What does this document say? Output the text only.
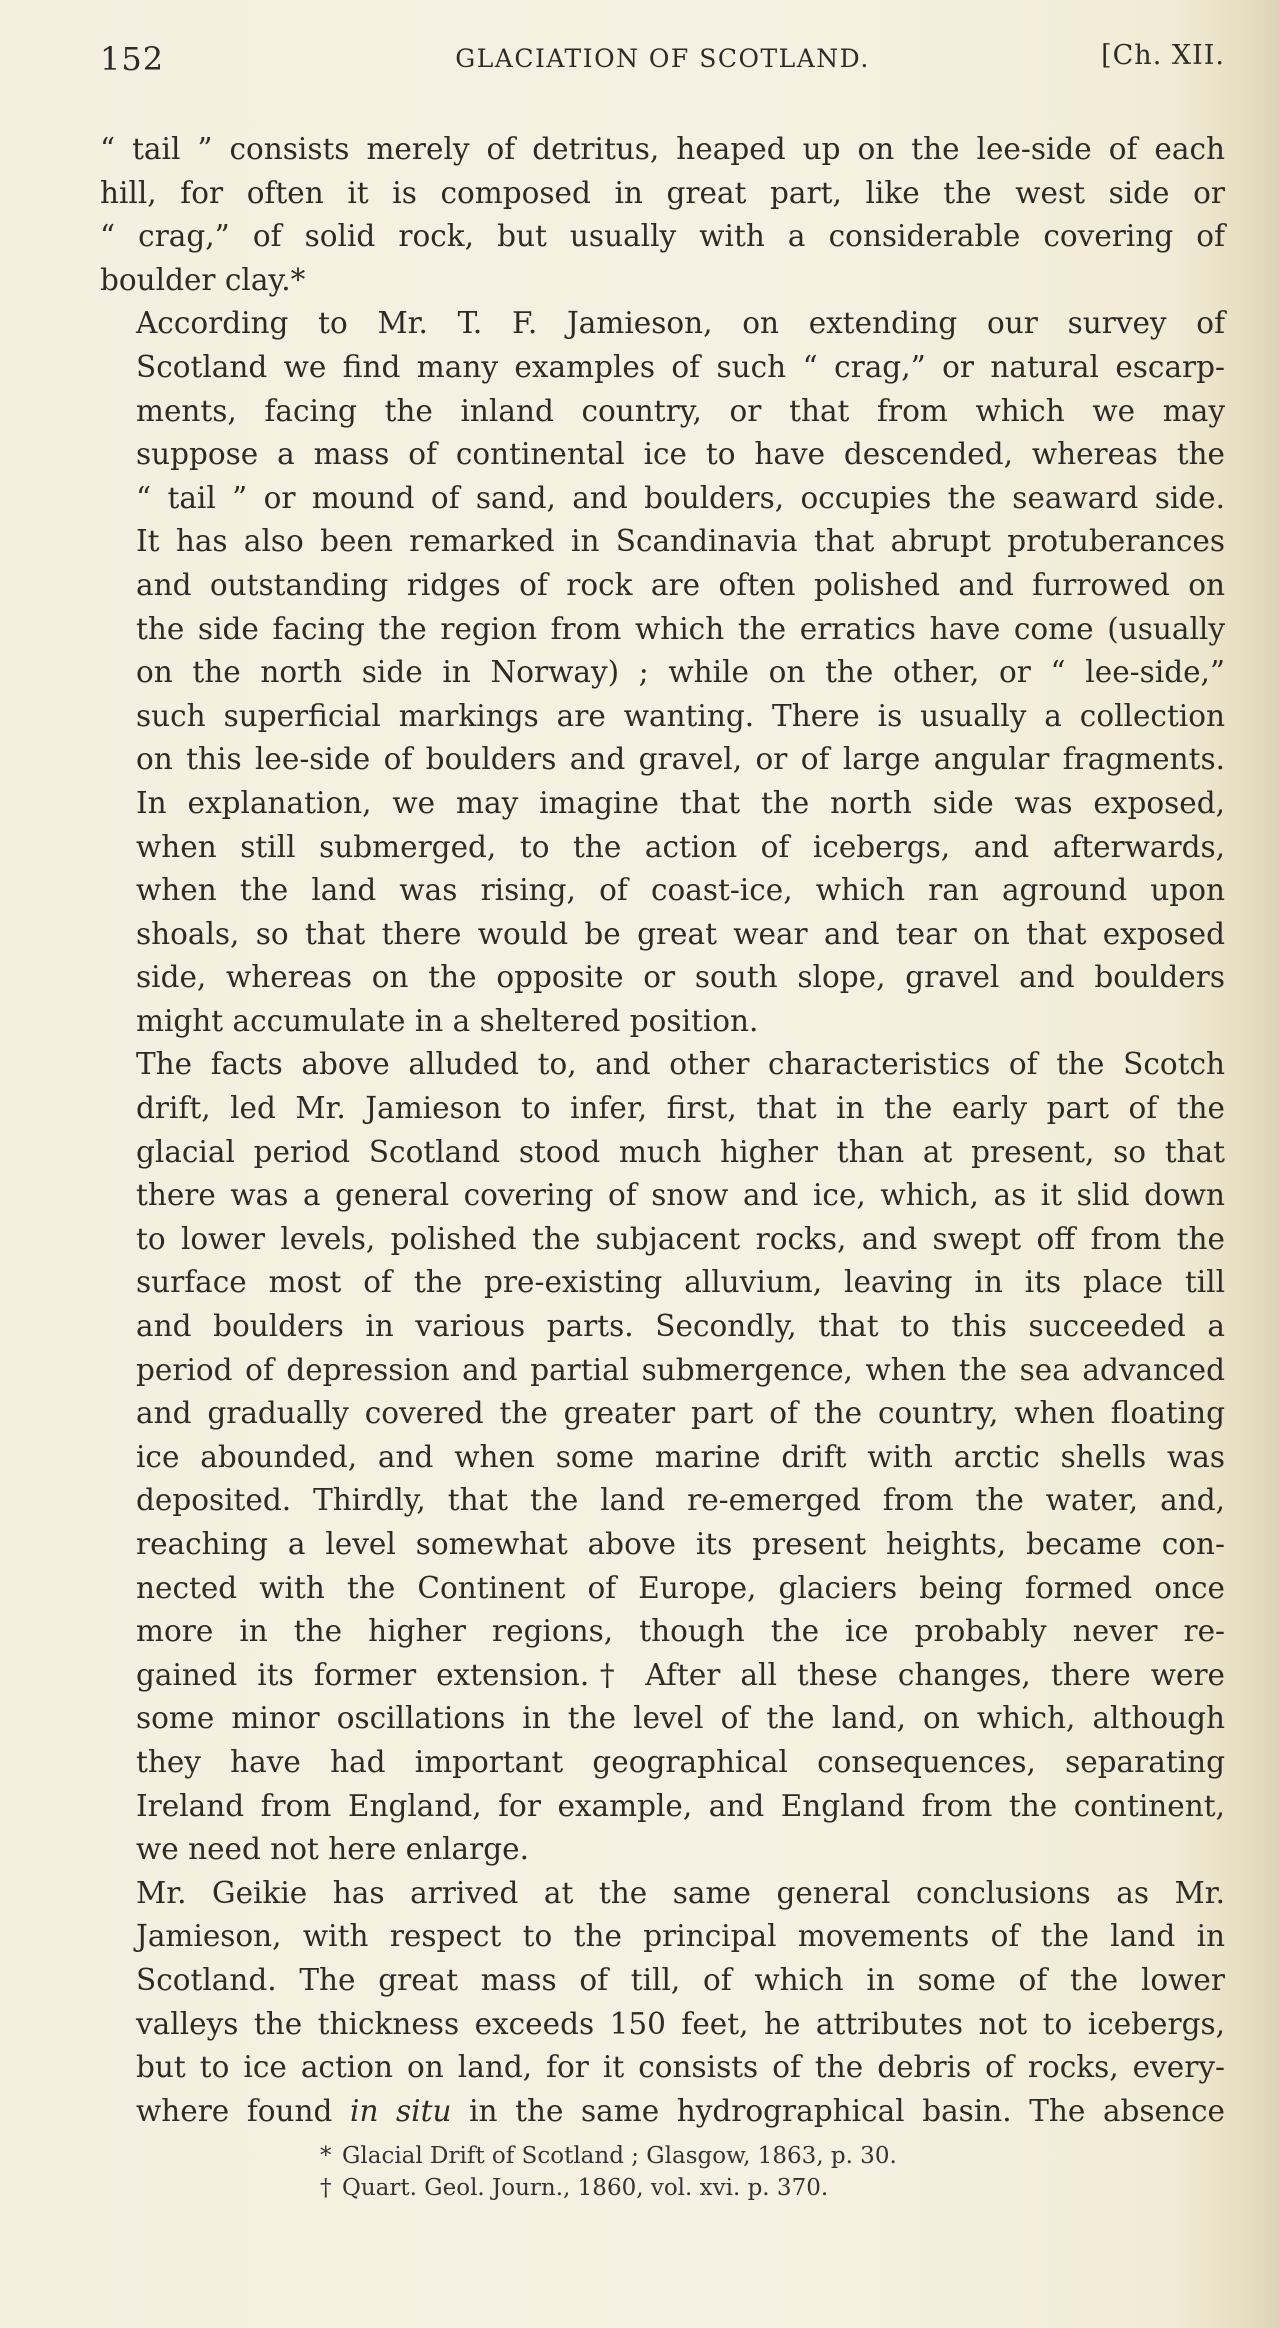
152	GLACIATION OF SCOTLAND.	[Ch. XII.

“ tail ” consists merely of detritus, heaped up on the lee-side of each
hill, for often it is composed in great part, like the west side or
“ crag,” of solid rock, but usually with a considerable covering of
boulder clay.*

According to Mr. T. F. Jamieson, on extending our survey of
Scotland we find many examples of such “ crag,” or natural escarp-
ments, facing the inland country, or that from which we may
suppose a mass of continental ice to have descended, whereas the
“ tail ” or mound of sand, and boulders, occupies the seaward side.
It has also been remarked in Scandinavia that abrupt protuberances
and outstanding ridges of rock are often polished and furrowed on
the side facing the region from which the erratics have come (usually
on the north side in Norway) ; while on the other, or “ lee-side,”
such superficial markings are wanting. There is usually a collection
on this lee-side of boulders and gravel, or of large angular fragments.
In explanation, we may imagine that the north side was exposed,
when still submerged, to the action of icebergs, and afterwards,
when the land was rising, of coast-ice, which ran aground upon
shoals, so that there would be great wear and tear on that exposed
side, whereas on the opposite or south slope, gravel and boulders
might accumulate in a sheltered position.

The facts above alluded to, and other characteristics of the Scotch
drift, led Mr. Jamieson to infer, first, that in the early part of the
glacial period Scotland stood much higher than at present, so that
there was a general covering of snow and ice, which, as it slid down
to lower levels, polished the subjacent rocks, and swept off from the
surface most of the pre-existing alluvium, leaving in its place till
and boulders in various parts. Secondly, that to this succeeded a
period of depression and partial submergence, when the sea advanced
and gradually covered the greater part of the country, when floating
ice abounded, and when some marine drift with arctic shells was
deposited. Thirdly, that the land re-emerged from the water, and,
reaching a level somewhat above its present heights, became con-
nected with the Continent of Europe, glaciers being formed once
more in the higher regions, though the ice probably never re-
gained its former extension.† After all these changes, there were
some minor oscillations in the level of the land, on which, although
they have had important geographical consequences, separating
Ireland from England, for example, and England from the continent,
we need not here enlarge.

Mr. Geikie has arrived at the same general conclusions as Mr.
Jamieson, with respect to the principal movements of the land in
Scotland. The great mass of till, of which in some of the lower
valleys the thickness exceeds 150 feet, he attributes not to icebergs,
but to ice action on land, for it consists of the debris of rocks, every-
where found in situ in the same hydrographical basin. The absence

* Glacial Drift of Scotland ; Glasgow, 1863, p. 30.
† Quart. Geol. Journ., 1860, vol. xvi. p. 370.
